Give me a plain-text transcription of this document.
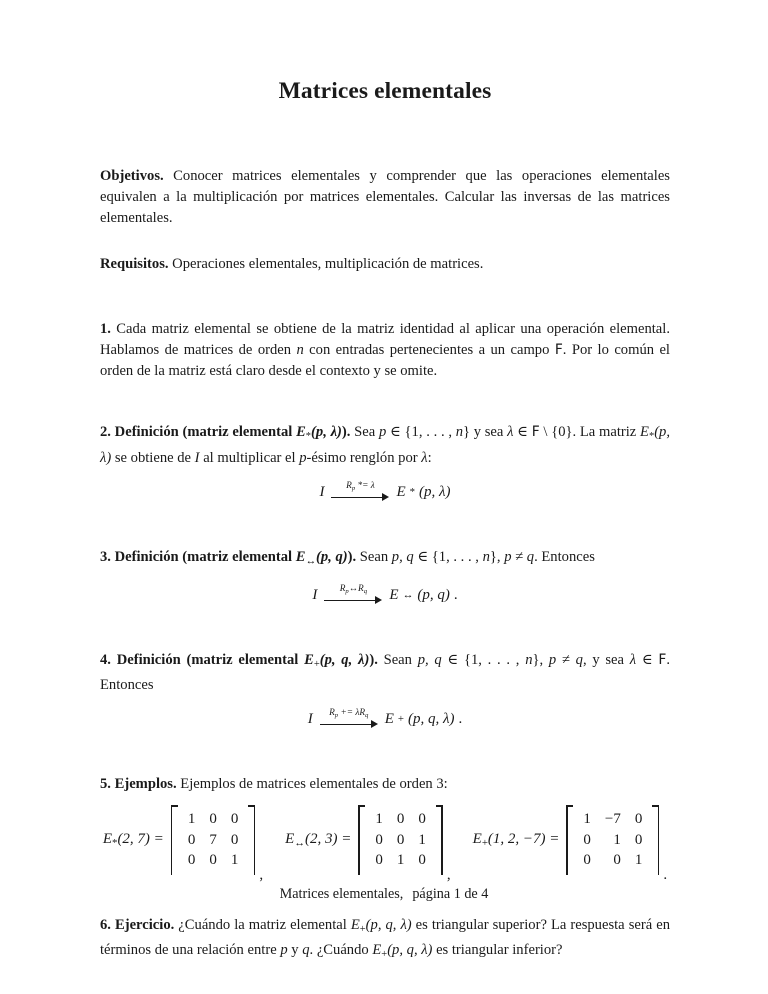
Matrices elementales

Objetivos. Conocer matrices elementales y comprender que las operaciones elementales equivalen a la multiplicación por matrices elementales. Calcular las inversas de las matrices elementales.

Requisitos. Operaciones elementales, multiplicación de matrices.

1. Cada matriz elemental se obtiene de la matriz identidad al aplicar una operación elemental. Hablamos de matrices de orden n con entradas pertenecientes a un campo F. Por lo común el orden de la matriz está claro desde el contexto y se omite.

2. Definición (matriz elemental $E_*(p$, λ)). Sea p ∈ {1, . . . , n} y sea λ ∈ F \ {0}. La matriz $E_*(p$, λ) se obtiene de I al multiplicar el p-ésimo renglón por λ:

I $R_p *= \lambda$ E * (p, λ)

3. Definición (matriz elemental $E_\leftrightarrow(p$, q)). Sean p, q ∈ {1, . . . , n}, p ≠ q. Entonces

I $R_p\leftrightarrow R_q$ E ↔ (p, q) .

4. Definición (matriz elemental $E_+(p$, q, λ)). Sean p, q ∈ {1, . . . , n}, p ≠ q, y sea λ ∈ F. Entonces

I $R_p += \lambda R_q$ E + (p, q, λ) .

5. Ejemplos. Ejemplos de matrices elementales de orden 3:

$E_*(2$, 7) =
1	0	0
0	7	0
0	0	1
,
$E_\leftrightarrow(2$, 3) =
1	0	0
0	0	1
0	1	0
,
$E_+(1$, 2, −7) =
1	−7	0
0	1	0
0	0	1
.

6. Ejercicio. ¿Cuándo la matriz elemental $E_+(p$, q, λ) es triangular superior? La respuesta será en términos de una relación entre p y q. ¿Cuándo $E_+(p$, q, λ) es triangular inferior?

Matrices elementales, página 1 de 4
